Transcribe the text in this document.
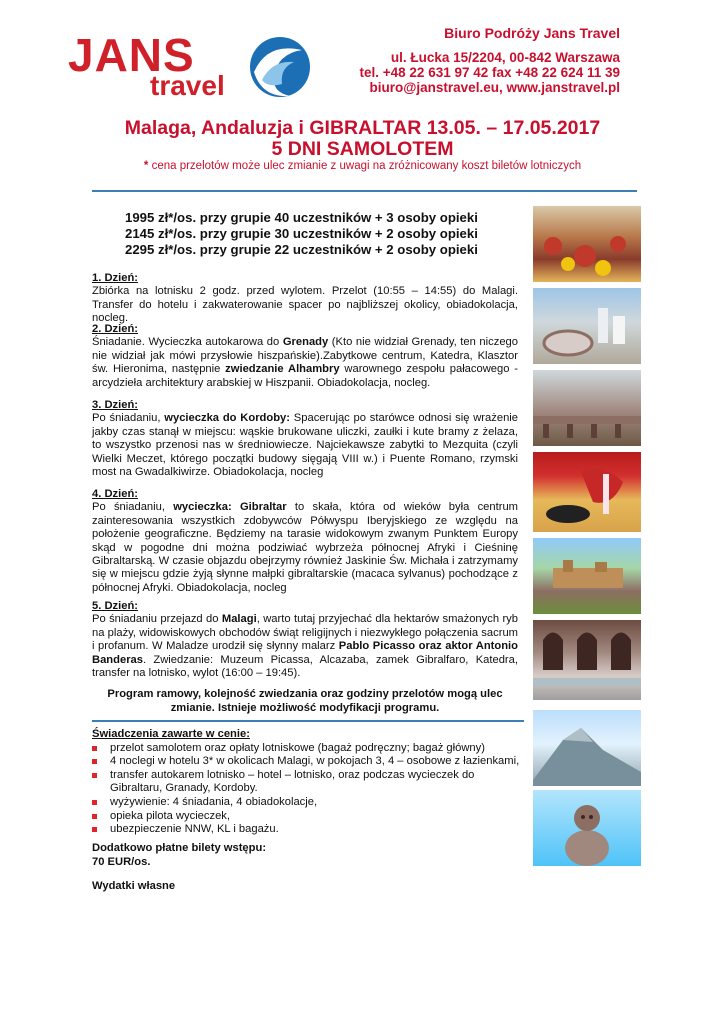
JANS
travel
Biuro Podróży Jans Travel
ul. Łucka 15/2204, 00-842 Warszawa
tel. +48 22 631 97 42 fax +48 22 624 11 39
biuro@janstravel.eu, www.janstravel.pl
Malaga, Andaluzja i GIBRALTAR 13.05. – 17.05.2017
5 DNI SAMOLOTEM
* cena przelotów może ulec zmianie z uwagi na zróżnicowany koszt biletów lotniczych
1995 zł*/os. przy grupie 40 uczestników + 3 osoby opieki
2145 zł*/os. przy grupie 30 uczestników + 2 osoby opieki
2295 zł*/os. przy grupie 22 uczestników + 2 osoby opieki
1. Dzień:

Zbiórka na lotnisku 2 godz. przed wylotem. Przelot (10:55 – 14:55) do Malagi. Transfer do hotelu i zakwaterowanie spacer po najbliższej okolicy, obiadokolacja, nocleg.

2. Dzień:

Śniadanie. Wycieczka autokarowa do Grenady (Kto nie widział Grenady, ten niczego nie widział jak mówi przysłowie hiszpańskie).Zabytkowe centrum, Katedra, Klasztor św. Hieronima, następnie zwiedzanie Alhambry warownego zespołu pałacowego - arcydzieła architektury arabskiej w Hiszpanii. Obiadokolacja, nocleg.

3. Dzień:

Po śniadaniu, wycieczka do Kordoby: Spacerując po starówce odnosi się wrażenie jakby czas stanął w miejscu: wąskie brukowane uliczki, zaułki i kute bramy z żelaza, to wszystko przenosi nas w średniowiecze. Najciekawsze zabytki to Mezquita (czyli Wielki Meczet, którego początki budowy sięgają VIII w.) i Puente Romano, rzymski most na Gwadalkiwirze. Obiadokolacja, nocleg

4. Dzień:

Po śniadaniu, wycieczka: Gibraltar to skała, która od wieków była centrum zainteresowania wszystkich zdobywców Półwyspu Iberyjskiego ze względu na położenie geograficzne. Będziemy na tarasie widokowym zwanym Punktem Europy skąd w pogodne dni można podziwiać wybrzeża północnej Afryki i Cieśninę Gibraltarską. W czasie objazdu obejrzymy również Jaskinie Św. Michała i zatrzymamy się w miejscu gdzie żyją słynne małpki gibraltarskie (macaca sylvanus) pochodzące z północnej Afryki. Obiadokolacja, nocleg

5. Dzień:

Po śniadaniu przejazd do Malagi, warto tutaj przyjechać dla hektarów smażonych ryb na plaży, widowiskowych obchodów świąt religijnych i niezwykłego połączenia sacrum i profanum. W Maladze urodził się słynny malarz Pablo Picasso oraz aktor Antonio Banderas. Zwiedzanie: Muzeum Picassa, Alcazaba, zamek Gibralfaro, Katedra, transfer na lotnisko, wylot (16:00 – 19:45).

Program ramowy, kolejność zwiedzania oraz godziny przelotów mogą ulec
zmianie. Istnieje możliwość modyfikacji programu.
Świadczenia zawarte w cenie:
przelot samolotem oraz opłaty lotniskowe (bagaż podręczny; bagaż główny)
4 noclegi w hotelu 3* w okolicach Malagi, w pokojach 3, 4 – osobowe z łazienkami,
transfer autokarem lotnisko – hotel – lotnisko, oraz podczas wycieczek do Gibraltaru, Granady, Kordoby.
wyżywienie: 4 śniadania, 4 obiadokolacje,
opieka pilota wycieczek,
ubezpieczenie NNW, KL i bagażu.
Dodatkowo płatne bilety wstępu:
70 EUR/os.
Wydatki własne
